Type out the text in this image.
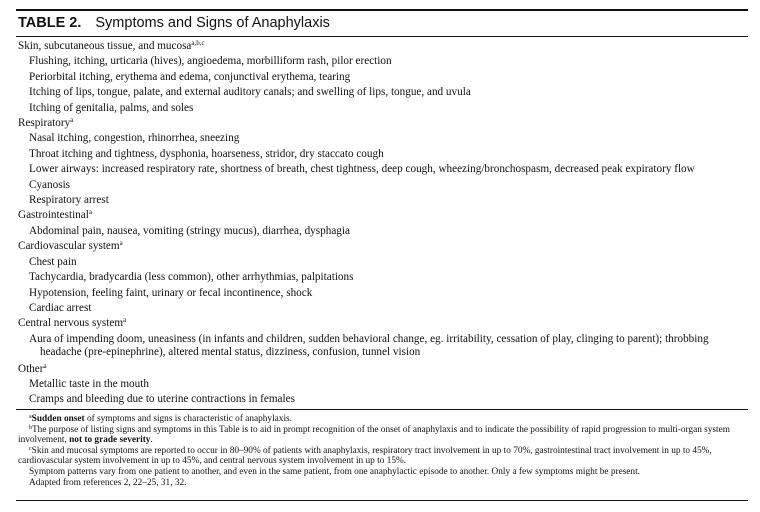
TABLE 2. Symptoms and Signs of Anaphylaxis
Skin, subcutaneous tissue, and mucosa$^{a,b,c}$
Flushing, itching, urticaria (hives), angioedema, morbilliform rash, pilor erection
Periorbital itching, erythema and edema, conjunctival erythema, tearing
Itching of lips, tongue, palate, and external auditory canals; and swelling of lips, tongue, and uvula
Itching of genitalia, palms, and soles
Respiratory$^a$
Nasal itching, congestion, rhinorrhea, sneezing
Throat itching and tightness, dysphonia, hoarseness, stridor, dry staccato cough
Lower airways: increased respiratory rate, shortness of breath, chest tightness, deep cough, wheezing/bronchospasm, decreased peak expiratory flow
Cyanosis
Respiratory arrest
Gastrointestinal$^a$
Abdominal pain, nausea, vomiting (stringy mucus), diarrhea, dysphagia
Cardiovascular system$^a$
Chest pain
Tachycardia, bradycardia (less common), other arrhythmias, palpitations
Hypotension, feeling faint, urinary or fecal incontinence, shock
Cardiac arrest
Central nervous system$^a$
Aura of impending doom, uneasiness (in infants and children, sudden behavioral change, eg. irritability, cessation of play, clinging to parent); throbbing headache (pre-epinephrine), altered mental status, dizziness, confusion, tunnel vision
Other$^a$
Metallic taste in the mouth
Cramps and bleeding due to uterine contractions in females
$^a$Sudden onset of symptoms and signs is characteristic of anaphylaxis.
$^b$The purpose of listing signs and symptoms in this Table is to aid in prompt recognition of the onset of anaphylaxis and to indicate the possibility of rapid progression to multi-organ system involvement, not to grade severity.
$^c$Skin and mucosal symptoms are reported to occur in 80–90% of patients with anaphylaxis, respiratory tract involvement in up to 70%, gastrointestinal tract involvement in up to 45%, cardiovascular system involvement in up to 45%, and central nervous system involvement in up to 15%.
Symptom patterns vary from one patient to another, and even in the same patient, from one anaphylactic episode to another. Only a few symptoms might be present.
Adapted from references 2, 22–25, 31, 32.
